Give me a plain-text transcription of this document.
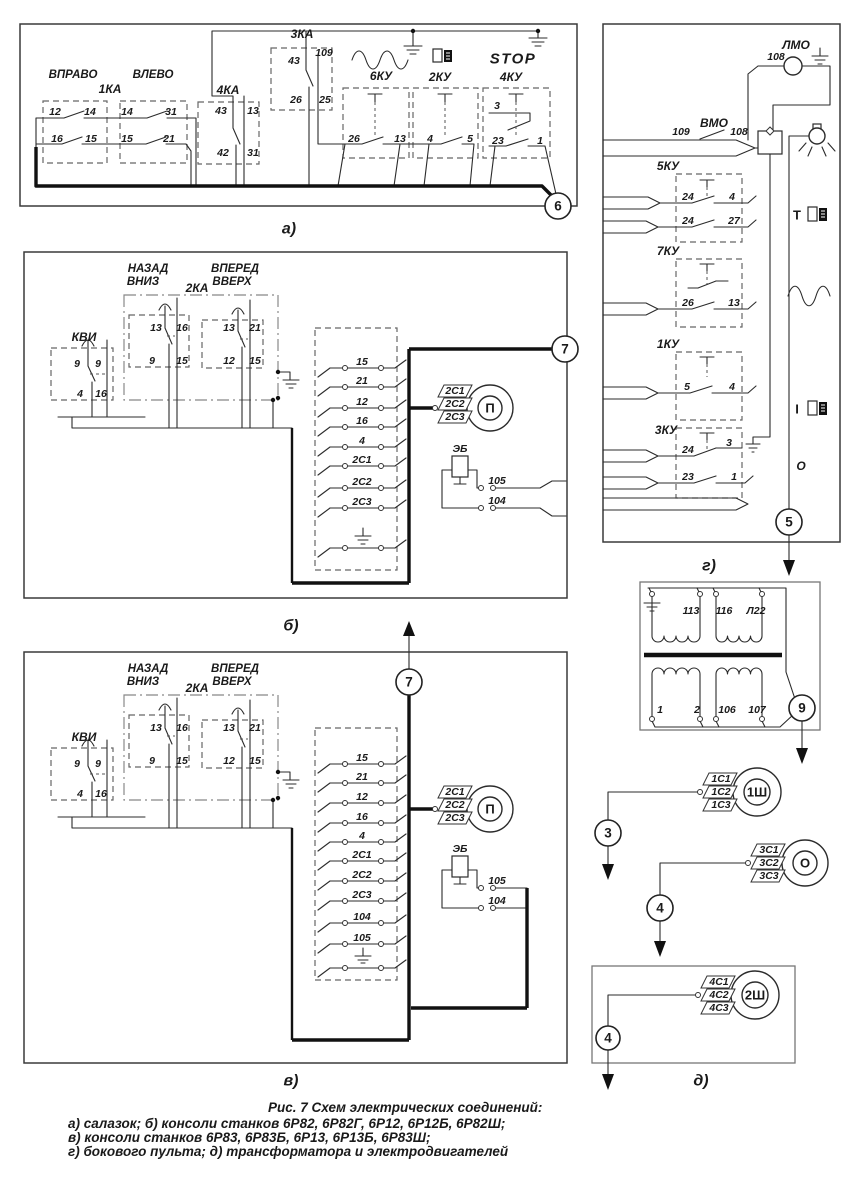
ВПРАВО	ВЛЕВО
1КА
12 14
16 15
14	31
15	21
4КА
43 13
42 31
3КА
43
109
26 25
6КУ
26	13
2КУ
4	5
STOP
4КУ
3
23	1
6
а)
НАЗАД
ВНИЗ
ВПЕРЕД
ВВЕРХ
2КА
КВИ
9 9
4 16
13 16
9 15
13 21
12 15	15
21
12
16
4
2С1
2С2
2С3
П
2С1
2С2
2С3
ЭБ
105
104
7
б)
НАЗАД
ВНИЗ
ВПЕРЕД
ВВЕРХ
2КА
КВИ
9 9
4 16
13 16
9 15
13 21
12 15	15
21
12
16
4
2С1
2С2
2С3
104
105
П
2С1
2С2
2С3
ЭБ
105
104
7
в)
ЛМО
108
ВМО
109	108
5КУ
24	4
24	27	Т
7КУ
26	13
1КУ
5	4
I
3КУ
24
3
23	1
О
5
г)
113 116 Л22
1	2 106 107 9
1С1
1С2
1С3
1Ш
3
3С1
3С2
3С3
О
4
4С1
4С2
4С3
2Ш
4
д)
Рис. 7 Схем электрических соединений:
а) салазок; б) консоли станков 6Р82, 6Р82Г, 6Р12, 6Р12Б, 6Р82Ш;
в) консоли станков 6Р83, 6Р83Б, 6Р13, 6Р13Б, 6Р83Ш;
г) бокового пульта; д) трансформатора и электродвигателей
